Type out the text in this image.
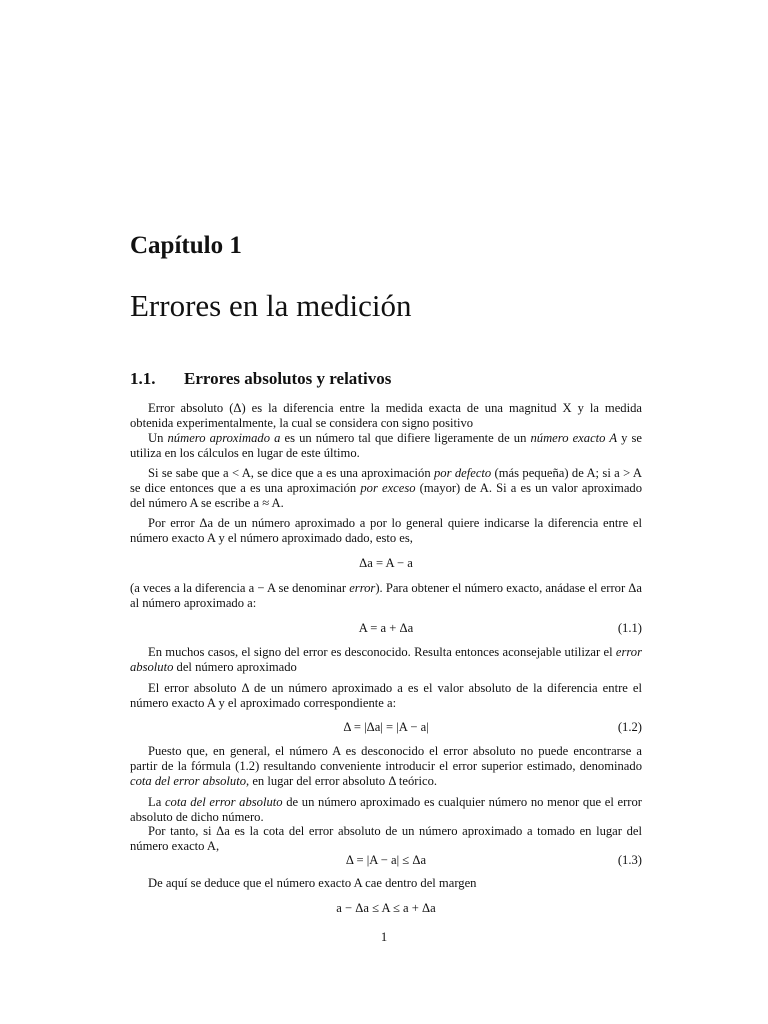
Capítulo 1
Errores en la medición
1.1. Errores absolutos y relativos
Error absoluto (Δ) es la diferencia entre la medida exacta de una magnitud X y la medida obtenida experimentalmente, la cual se considera con signo positivo
Un número aproximado a es un número tal que difiere ligeramente de un número exacto A y se utiliza en los cálculos en lugar de este último.
Si se sabe que a < A, se dice que a es una aproximación por defecto (más pequeña) de A; si a > A se dice entonces que a es una aproximación por exceso (mayor) de A. Si a es un valor aproximado del número A se escribe a ≈ A.
Por error Δa de un número aproximado a por lo general quiere indicarse la diferencia entre el número exacto A y el número aproximado dado, esto es,
Δa = A − a
(a veces a la diferencia a − A se denominar error). Para obtener el número exacto, anádase el error Δa al número aproximado a:
A = a + Δa	(1.1)
En muchos casos, el signo del error es desconocido. Resulta entonces aconsejable utilizar el error absoluto del número aproximado
El error absoluto Δ de un número aproximado a es el valor absoluto de la diferencia entre el número exacto A y el aproximado correspondiente a:
Δ = |Δa| = |A − a|	(1.2)
Puesto que, en general, el número A es desconocido el error absoluto no puede encontrarse a partir de la fórmula (1.2) resultando conveniente introducir el error superior estimado, denominado cota del error absoluto, en lugar del error absoluto Δ teórico.
La cota del error absoluto de un número aproximado es cualquier número no menor que el error absoluto de dicho número.
Por tanto, si Δa es la cota del error absoluto de un número aproximado a tomado en lugar del número exacto A,
Δ = |A − a| ≤ Δa	(1.3)
De aquí se deduce que el número exacto A cae dentro del margen
a − Δa ≤ A ≤ a + Δa
1
